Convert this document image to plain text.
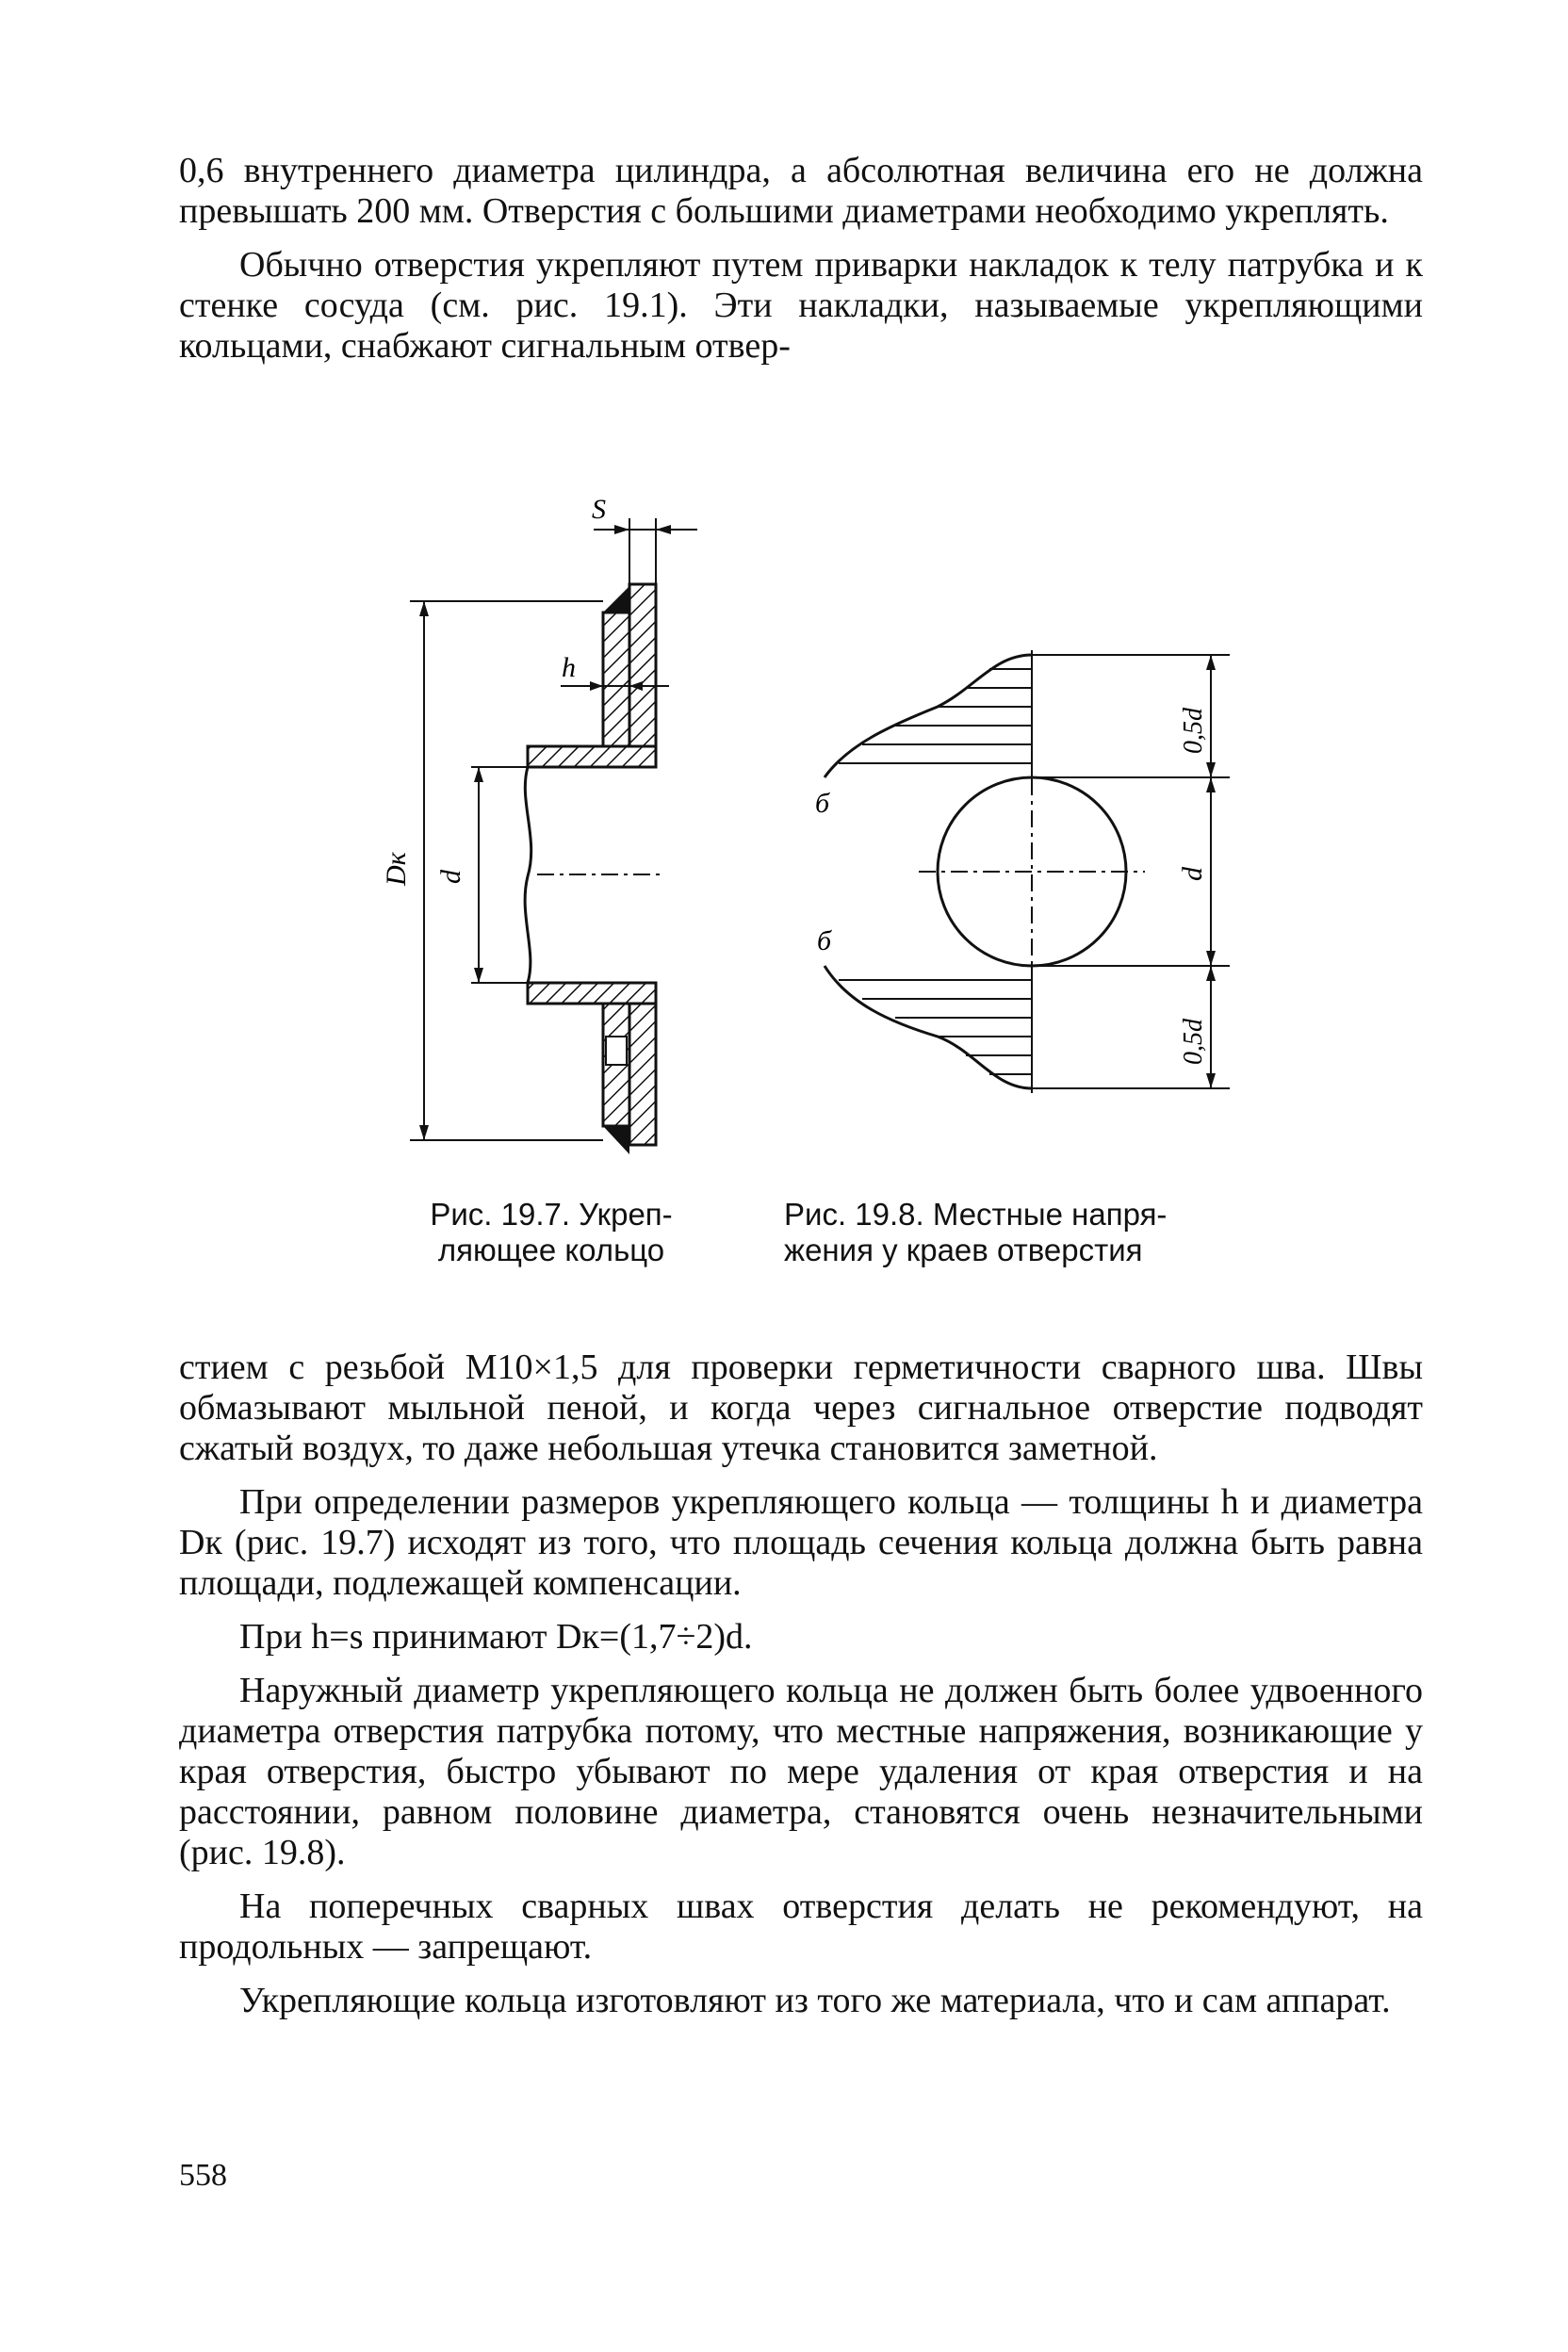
0,6 внутреннего диаметра цилиндра, а абсолютная величина его не должна превышать 200 мм. Отверстия с большими диаметрами необходимо укреплять.

Обычно отверстия укрепляют путем приварки накладок к телу патрубка и к стенке сосуда (см. рис. 19.1). Эти накладки, называемые укрепляющими кольцами, снабжают сигнальным отвер-

S
h
Dк d
б
б
0,5d
d
0,5d
Рис. 19.7. Укреп-
ляющее кольцо
Рис. 19.8. Местные напря-
жения у краев отверстия

стием с резьбой М10×1,5 для проверки герметичности сварного шва. Швы обмазывают мыльной пеной, и когда через сигнальное отверстие подводят сжатый воздух, то даже небольшая утечка становится заметной.

При определении размеров укрепляющего кольца — толщины h и диаметра Dк (рис. 19.7) исходят из того, что площадь сечения кольца должна быть равна площади, подлежащей компенсации.

При h=s принимают Dк=(1,7÷2)d.

Наружный диаметр укрепляющего кольца не должен быть более удвоенного диаметра отверстия патрубка потому, что местные напряжения, возникающие у края отверстия, быстро убывают по мере удаления от края отверстия и на расстоянии, равном половине диаметра, становятся очень незначительными (рис. 19.8).

На поперечных сварных швах отверстия делать не рекомендуют, на продольных — запрещают.

Укрепляющие кольца изготовляют из того же материала, что и сам аппарат.

558
